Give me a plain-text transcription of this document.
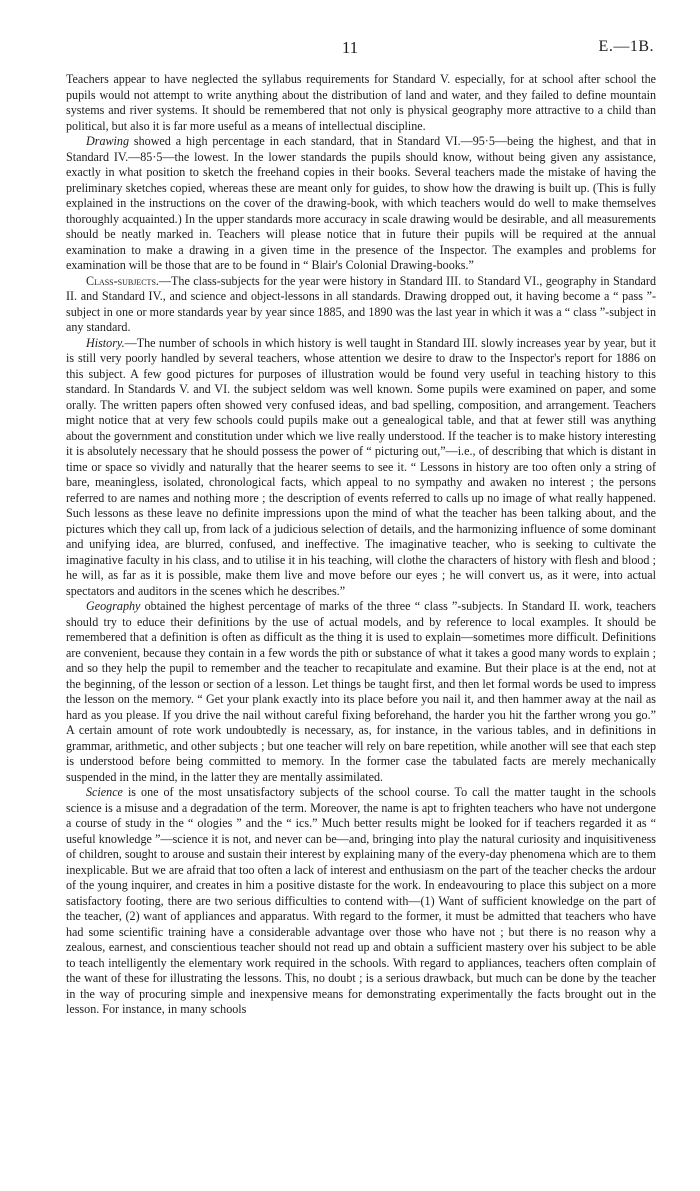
11	E.—1B.

Teachers appear to have neglected the syllabus requirements for Standard V. especially, for at school after school the pupils would not attempt to write anything about the distribution of land and water, and they failed to define mountain systems and river systems. It should be remembered that not only is physical geography more attractive to a child than political, but also it is far more useful as a means of intellectual discipline.

Drawing showed a high percentage in each standard, that in Standard VI.—95·5—being the highest, and that in Standard IV.—85·5—the lowest. In the lower standards the pupils should know, without being given any assistance, exactly in what position to sketch the freehand copies in their books. Several teachers made the mistake of having the preliminary sketches copied, whereas these are meant only for guides, to show how the drawing is built up. (This is fully explained in the instructions on the cover of the drawing-book, with which teachers would do well to make themselves thoroughly acquainted.) In the upper standards more accuracy in scale drawing would be desirable, and all measurements should be neatly marked in. Teachers will please notice that in future their pupils will be required at the annual examination to make a drawing in a given time in the presence of the Inspector. The examples and problems for examination will be those that are to be found in “ Blair's Colonial Drawing-books.”

Class-subjects.—The class-subjects for the year were history in Standard III. to Standard VI., geography in Standard II. and Standard IV., and science and object-lessons in all standards. Drawing dropped out, it having become a “ pass ”-subject in one or more standards year by year since 1885, and 1890 was the last year in which it was a “ class ”-subject in any standard.

History.—The number of schools in which history is well taught in Standard III. slowly increases year by year, but it is still very poorly handled by several teachers, whose attention we desire to draw to the Inspector's report for 1886 on this subject. A few good pictures for purposes of illustration would be found very useful in teaching history to this standard. In Standards V. and VI. the subject seldom was well known. Some pupils were examined on paper, and some orally. The written papers often showed very confused ideas, and bad spelling, composition, and arrangement. Teachers might notice that at very few schools could pupils make out a genealogical table, and that at fewer still was anything about the government and constitution under which we live really understood. If the teacher is to make history interesting it is absolutely necessary that he should possess the power of “ picturing out,”—i.e., of describing that which is distant in time or space so vividly and naturally that the hearer seems to see it. “ Lessons in history are too often only a string of bare, meaningless, isolated, chronological facts, which appeal to no sympathy and awaken no interest ; the persons referred to are names and nothing more ; the description of events referred to calls up no image of what really happened. Such lessons as these leave no definite impressions upon the mind of what the teacher has been talking about, and the pictures which they call up, from lack of a judicious selection of details, and the harmonizing influence of some dominant and unifying idea, are blurred, confused, and ineffective. The imaginative teacher, who is seeking to cultivate the imaginative faculty in his class, and to utilise it in his teaching, will clothe the characters of history with flesh and blood ; he will, as far as it is possible, make them live and move before our eyes ; he will convert us, as it were, into actual spectators and auditors in the scenes which he describes.”

Geography obtained the highest percentage of marks of the three “ class ”-subjects. In Standard II. work, teachers should try to educe their definitions by the use of actual models, and by reference to local examples. It should be remembered that a definition is often as difficult as the thing it is used to explain—sometimes more difficult. Definitions are convenient, because they contain in a few words the pith or substance of what it takes a good many words to explain ; and so they help the pupil to remember and the teacher to recapitulate and examine. But their place is at the end, not at the beginning, of the lesson or section of a lesson. Let things be taught first, and then let formal words be used to impress the lesson on the memory. “ Get your plank exactly into its place before you nail it, and then hammer away at the nail as hard as you please. If you drive the nail without careful fixing beforehand, the harder you hit the farther wrong you go.” A certain amount of rote work undoubtedly is necessary, as, for instance, in the various tables, and in definitions in grammar, arithmetic, and other subjects ; but one teacher will rely on bare repetition, while another will see that each step is understood before being committed to memory. In the former case the tabulated facts are merely mechanically suspended in the mind, in the latter they are mentally assimilated.

Science is one of the most unsatisfactory subjects of the school course. To call the matter taught in the schools science is a misuse and a degradation of the term. Moreover, the name is apt to frighten teachers who have not undergone a course of study in the “ ologies ” and the “ ics.” Much better results might be looked for if teachers regarded it as “ useful knowledge ”—science it is not, and never can be—and, bringing into play the natural curiosity and inquisitiveness of children, sought to arouse and sustain their interest by explaining many of the every-day phenomena which are to them inexplicable. But we are afraid that too often a lack of interest and enthusiasm on the part of the teacher checks the ardour of the young inquirer, and creates in him a positive distaste for the work. In endeavouring to place this subject on a more satisfactory footing, there are two serious difficulties to contend with—(1) Want of sufficient knowledge on the part of the teacher, (2) want of appliances and apparatus. With regard to the former, it must be admitted that teachers who have had some scientific training have a considerable advantage over those who have not ; but there is no reason why a zealous, earnest, and conscientious teacher should not read up and obtain a sufficient mastery over his subject to be able to teach intelligently the elementary work required in the schools. With regard to appliances, teachers often complain of the want of these for illustrating the lessons. This, no doubt ; is a serious drawback, but much can be done by the teacher in the way of procuring simple and inexpensive means for demonstrating experimentally the facts brought out in the lesson. For instance, in many schools
